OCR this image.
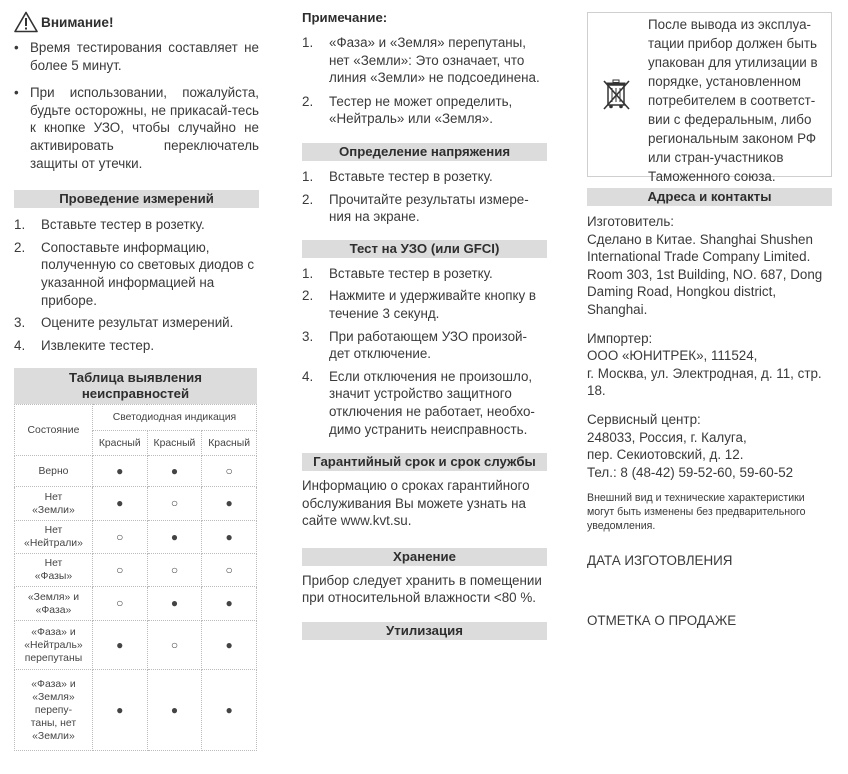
Внимание!
• Время тестирования составляет не более 5 минут.
• При использовании, пожалуйста, будьте осторожны, не прикасай-тесь к кнопке УЗО, чтобы случайно не активировать переключатель защиты от утечки.
Проведение измерений
1.	Вставьте тестер в розетку.
2.	Сопоставьте информацию, полученную со световых диодов с указанной информацией на приборе.
3.	Оцените результат измерений.
4.	Извлеките тестер.
Таблица выявления неисправностей
Состояние	Светодиодная индикация		
	Красный	Красный	Красный
Верно	●	●	○
Нет «Земли»	●	○	●
Нет «Нейтрали»	○	●	●
Нет «Фазы»	○	○	○
«Земля» и «Фаза»	○	●	●
«Фаза» и «Нейтраль» перепутаны	●	○	●
«Фаза» и «Земля» перепу-таны, нет «Земли»	●	●	●
Примечание:
1.	«Фаза» и «Земля» перепутаны, нет «Земли»: Это означает, что линия «Земли» не подсоединена.
2.	Тестер не может определить, «Нейтраль» или «Земля».
Определение напряжения
1.	Вставьте тестер в розетку.
2.	Прочитайте результаты измере-ния на экране.
Тест на УЗО (или GFCI)
1.	Вставьте тестер в розетку.
2.	Нажмите и удерживайте кнопку в течение 3 секунд.
3.	При работающем УЗО произой-дет отключение.
4.	Если отключения не произошло, значит устройство защитного отключения не работает, необхо-димо устранить неисправность.
Гарантийный срок и срок службы
Информацию о сроках гарантийного обслуживания Вы можете узнать на сайте www.kvt.su.
Хранение
Прибор следует хранить в помещении при относительной влажности <80 %.
Утилизация
После вывода из эксплуа-тации прибор должен быть упакован для утилизации в порядке, установленном потребителем в соответст-вии с федеральным, либо региональным законом РФ или стран-участников Таможенного союза.
Адреса и контакты
Изготовитель:
Сделано в Китае. Shanghai Shushen International Trade Company Limited. Room 303, 1st Building, NO. 687, Dong Daming Road, Hongkou district, Shanghai.
Импортер:
ООО «ЮНИТРЕК», 111524,
г. Москва, ул. Электродная, д. 11, стр. 18.
Сервисный центр:
248033, Россия, г. Калуга,
пер. Секиотовский, д. 12.
Тел.: 8 (48-42) 59-52-60, 59-60-52
Внешний вид и технические характеристики могут быть изменены без предварительного уведомления.
ДАТА ИЗГОТОВЛЕНИЯ
ОТМЕТКА О ПРОДАЖЕ
